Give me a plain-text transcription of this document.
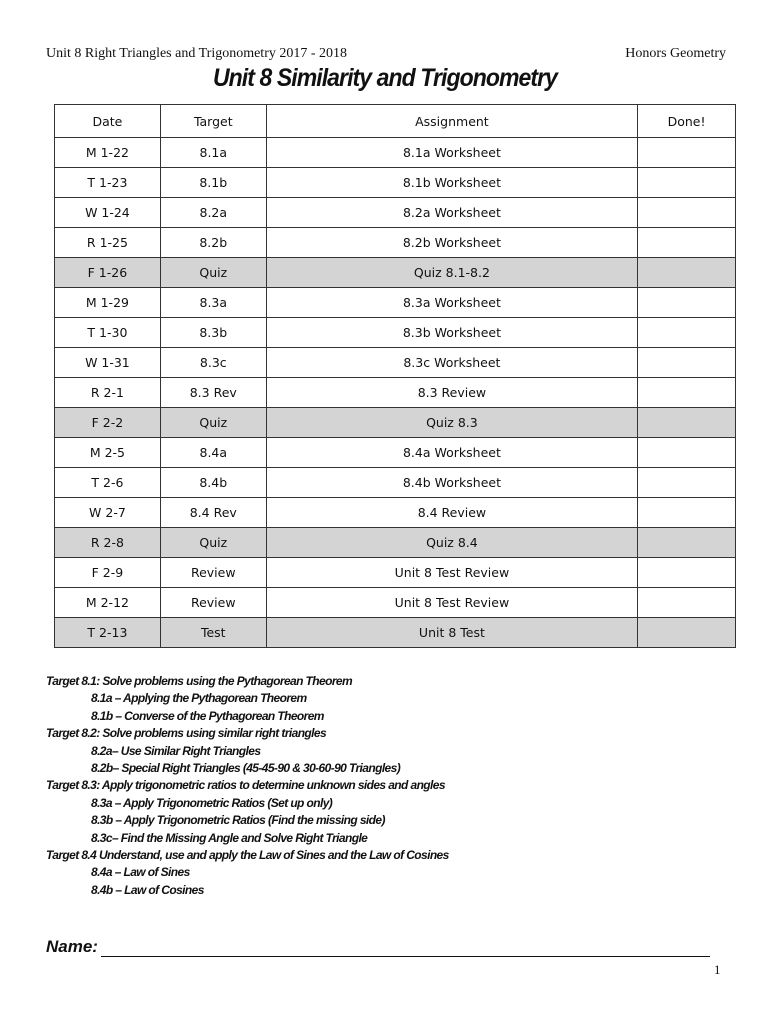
Unit 8 Right Triangles and Trigonometry 2017 - 2018	Honors Geometry
Unit 8 Similarity and Trigonometry
Date	Target	Assignment	Done!
M 1-22	8.1a	8.1a Worksheet	
T 1-23	8.1b	8.1b Worksheet	
W 1-24	8.2a	8.2a Worksheet	
R 1-25	8.2b	8.2b Worksheet	
F 1-26	Quiz	Quiz 8.1-8.2	
M 1-29	8.3a	8.3a Worksheet	
T 1-30	8.3b	8.3b Worksheet	
W 1-31	8.3c	8.3c Worksheet	
R 2-1	8.3 Rev	8.3 Review	
F 2-2	Quiz	Quiz 8.3	
M 2-5	8.4a	8.4a Worksheet	
T 2-6	8.4b	8.4b Worksheet	
W 2-7	8.4 Rev	8.4 Review	
R 2-8	Quiz	Quiz 8.4	
F 2-9	Review	Unit 8 Test Review	
M 2-12	Review	Unit 8 Test Review	
T 2-13	Test	Unit 8 Test	
Target 8.1: Solve problems using the Pythagorean Theorem
8.1a – Applying the Pythagorean Theorem
8.1b – Converse of the Pythagorean Theorem
Target 8.2: Solve problems using similar right triangles
8.2a– Use Similar Right Triangles
8.2b– Special Right Triangles (45-45-90 & 30-60-90 Triangles)
Target 8.3: Apply trigonometric ratios to determine unknown sides and angles
8.3a – Apply Trigonometric Ratios (Set up only)
8.3b – Apply Trigonometric Ratios (Find the missing side)
8.3c– Find the Missing Angle and Solve Right Triangle
Target 8.4 Understand, use and apply the Law of Sines and the Law of Cosines
8.4a – Law of Sines
8.4b – Law of Cosines
Name:
1
